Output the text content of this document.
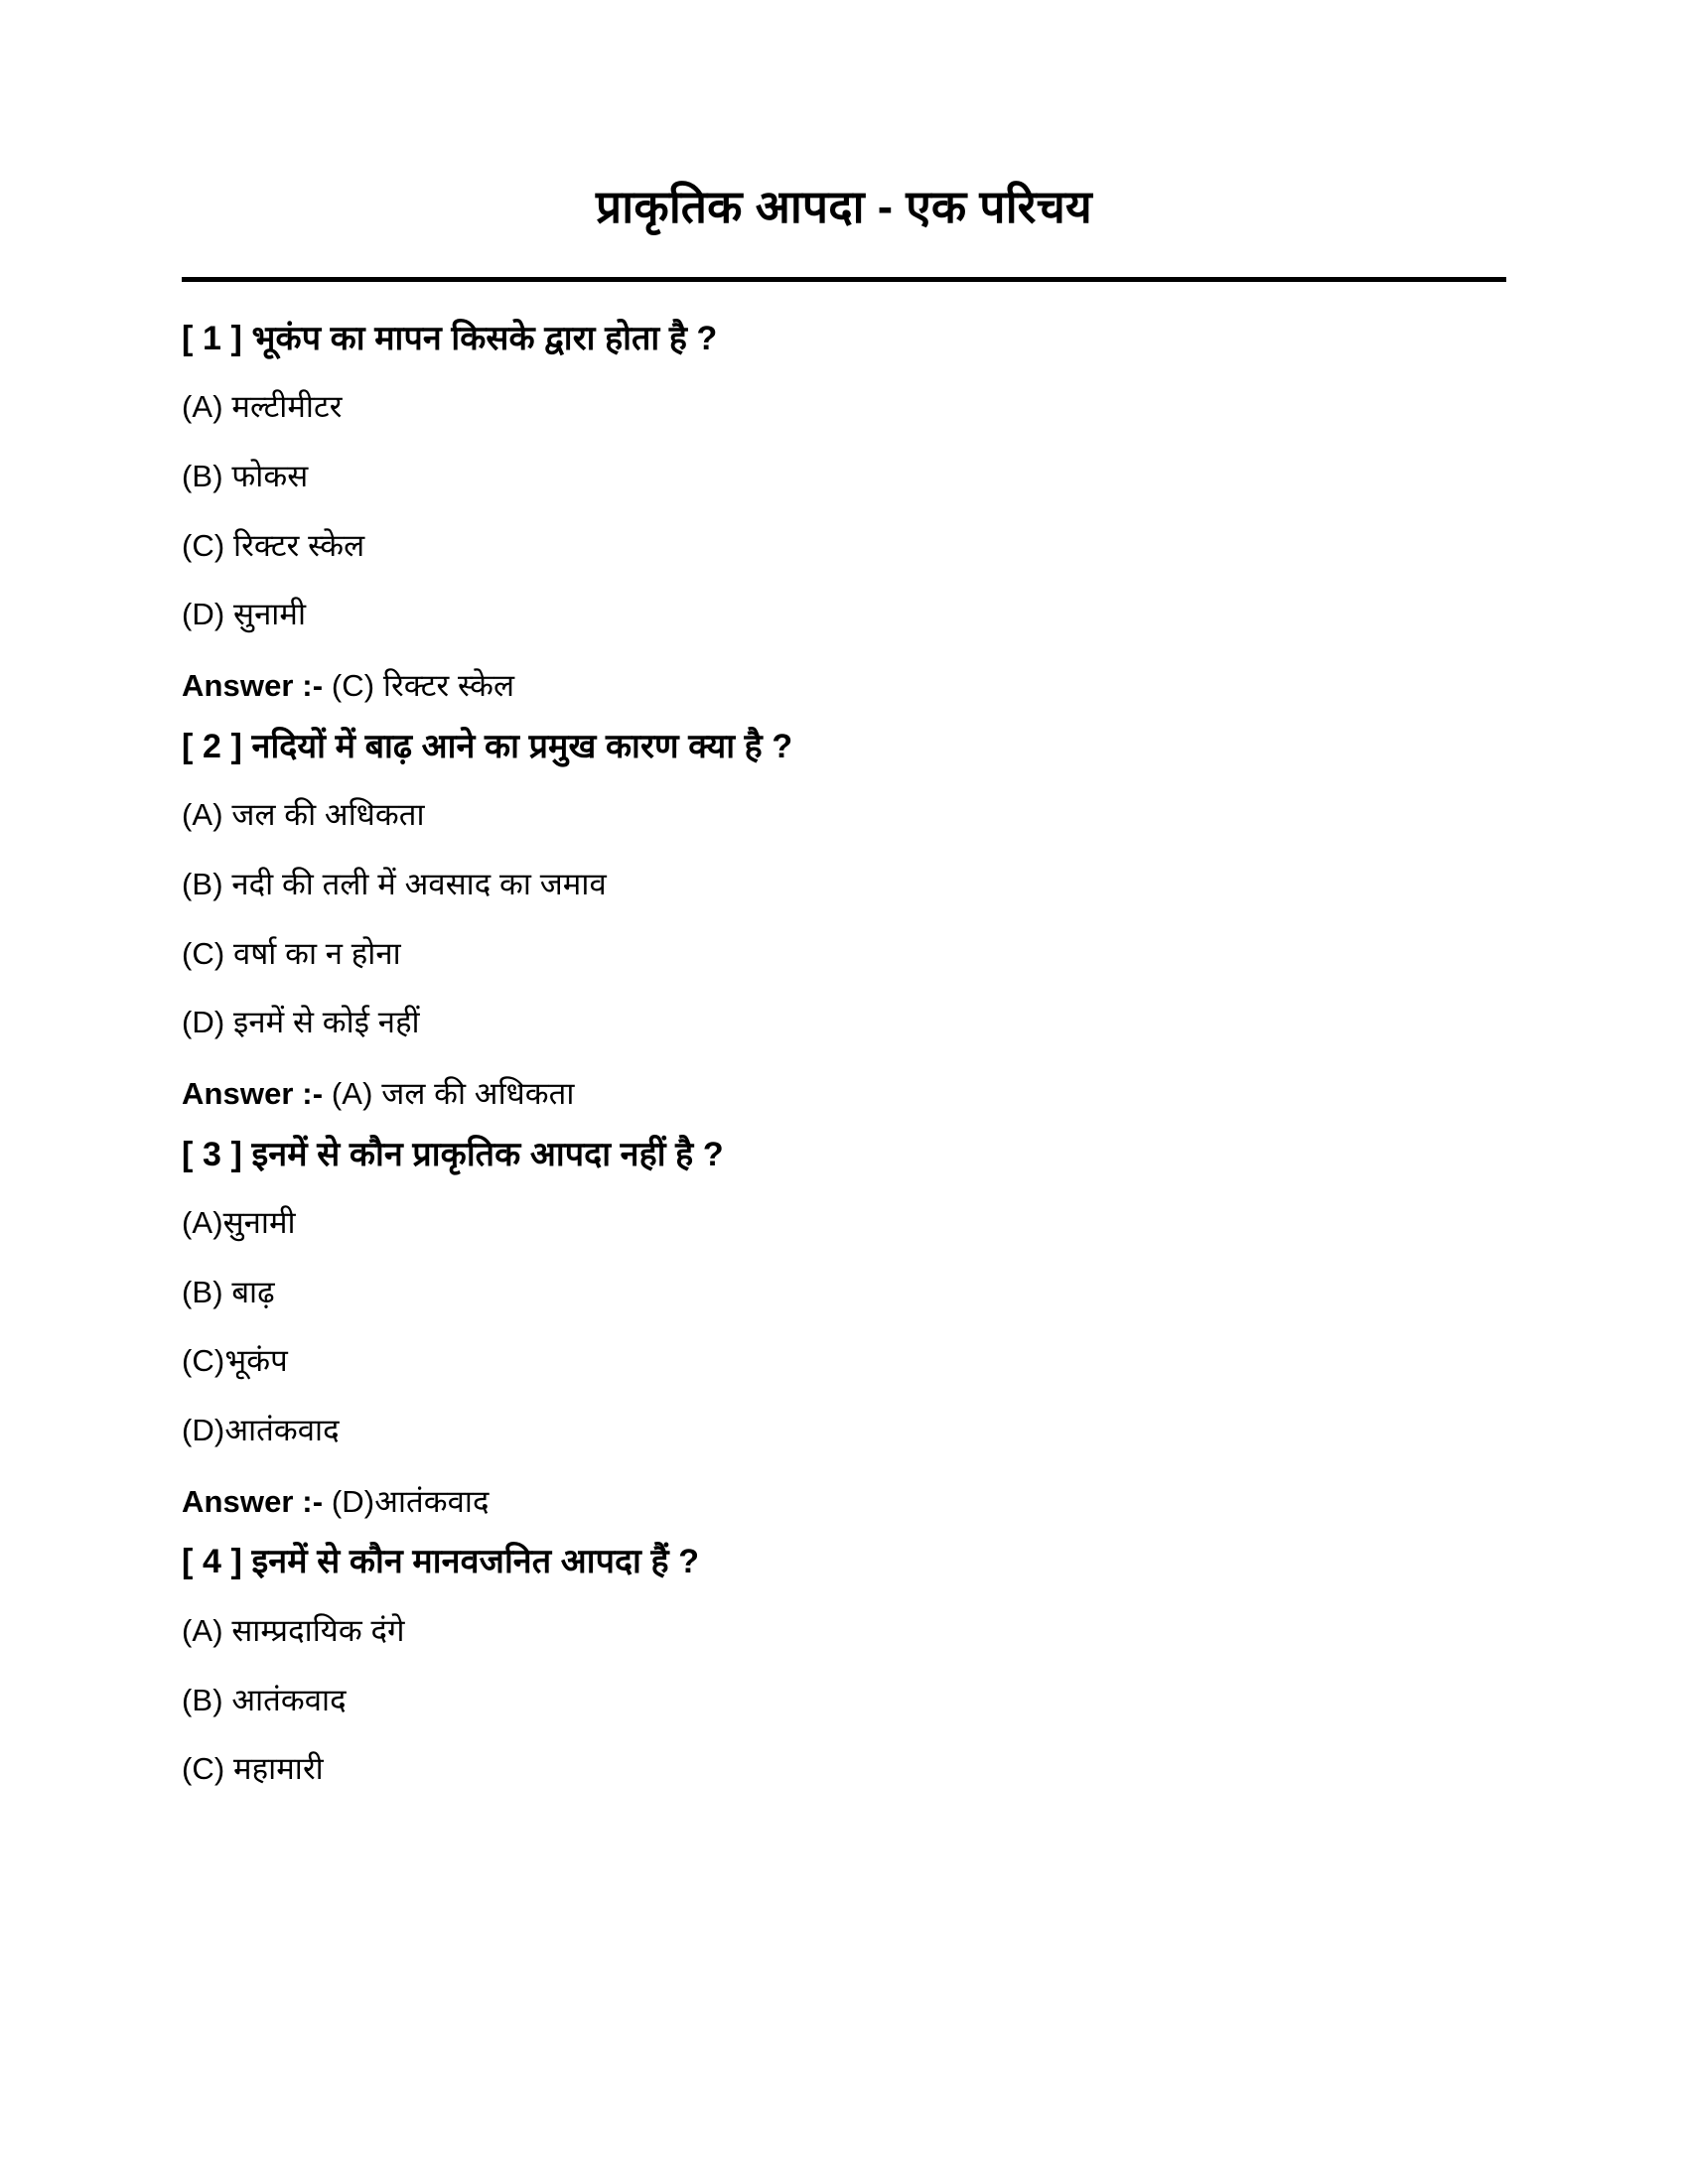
प्राकृतिक आपदा - एक परिचय
[ 1 ] भूकंप का मापन किसके द्वारा होता है ?
(A) मल्टीमीटर
(B) फोकस
(C) रिक्टर स्केल
(D) सुनामी
Answer :- (C) रिक्टर स्केल
[ 2 ] नदियों में बाढ़ आने का प्रमुख कारण क्या है ?
(A) जल की अधिकता
(B) नदी की तली में अवसाद का जमाव
(C) वर्षा का न होना
(D) इनमें से कोई नहीं
Answer :- (A) जल की अधिकता
[ 3 ] इनमें से कौन प्राकृतिक आपदा नहीं है ?
(A)सुनामी
(B) बाढ़
(C)भूकंप
(D)आतंकवाद
Answer :- (D)आतंकवाद
[ 4 ] इनमें से कौन मानवजनित आपदा हैं ?
(A) साम्प्रदायिक दंगे
(B) आतंकवाद
(C) महामारी
